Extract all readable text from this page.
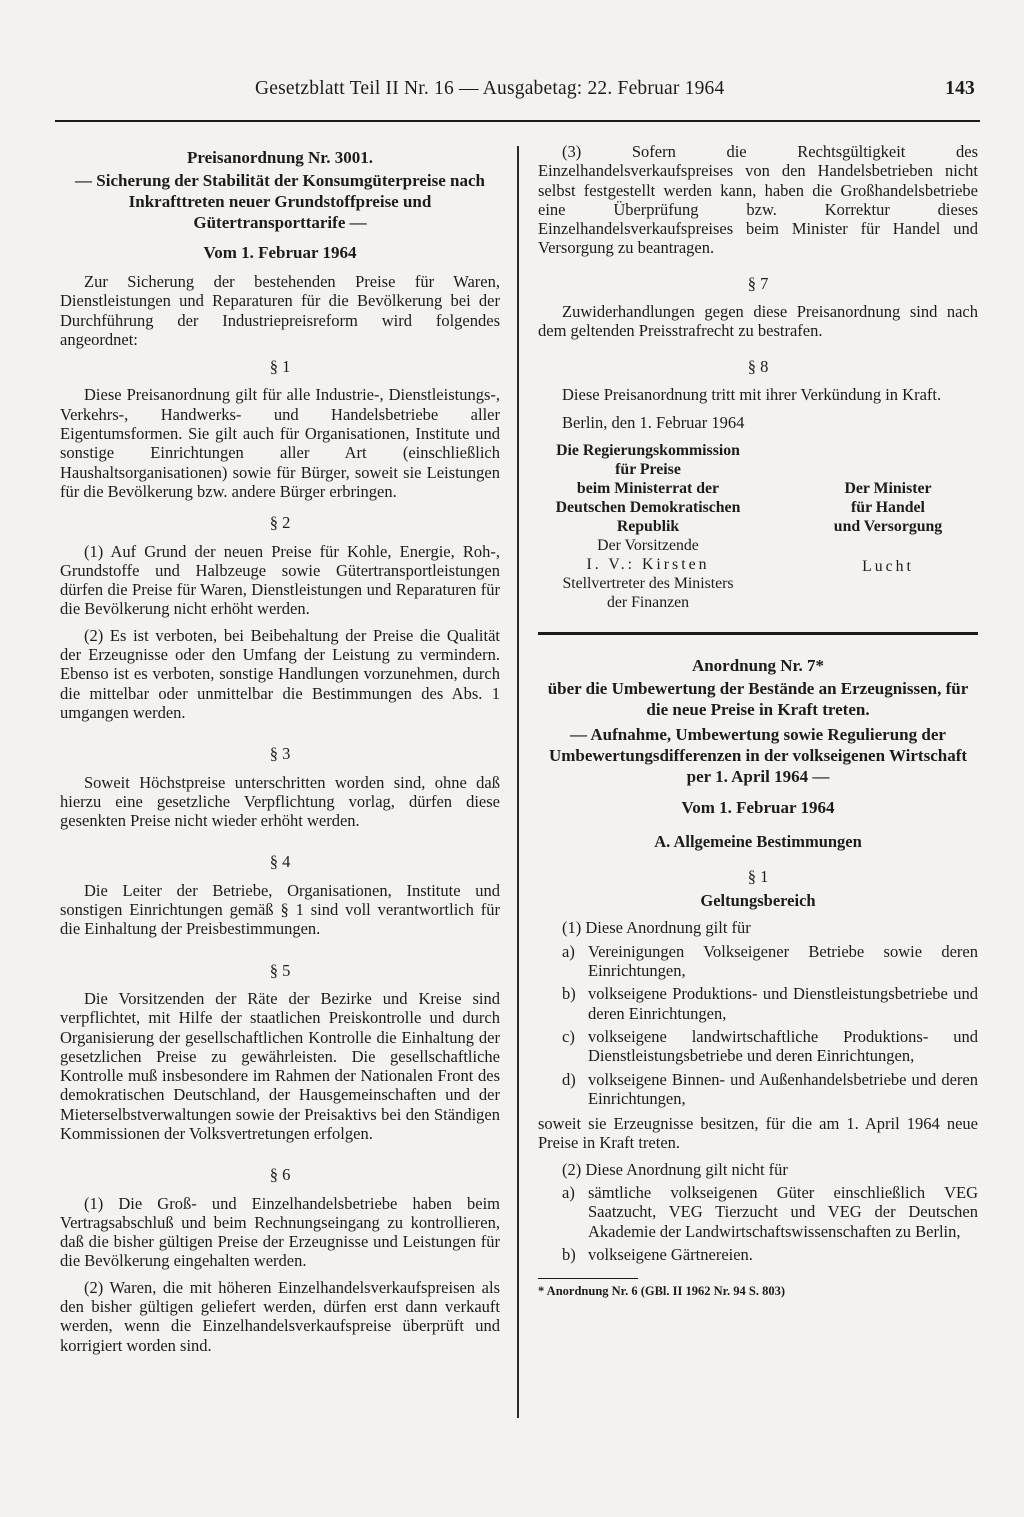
Gesetzblatt Teil II Nr. 16 — Ausgabetag: 22. Februar 1964	143

Preisanordnung Nr. 3001.

— Sicherung der Stabilität der Konsumgüterpreise nach Inkrafttreten neuer Grundstoffpreise und Gütertransporttarife —

Vom 1. Februar 1964

Zur Sicherung der bestehenden Preise für Waren, Dienstleistungen und Reparaturen für die Bevölkerung bei der Durchführung der Industriepreisreform wird folgendes angeordnet:

§ 1

Diese Preisanordnung gilt für alle Industrie-, Dienstleistungs-, Verkehrs-, Handwerks- und Handelsbetriebe aller Eigentumsformen. Sie gilt auch für Organisationen, Institute und sonstige Einrichtungen aller Art (einschließlich Haushaltsorganisationen) sowie für Bürger, soweit sie Leistungen für die Bevölkerung bzw. andere Bürger erbringen.

§ 2

(1) Auf Grund der neuen Preise für Kohle, Energie, Roh-, Grundstoffe und Halbzeuge sowie Gütertransportleistungen dürfen die Preise für Waren, Dienstleistungen und Reparaturen für die Bevölkerung nicht erhöht werden.

(2) Es ist verboten, bei Beibehaltung der Preise die Qualität der Erzeugnisse oder den Umfang der Leistung zu vermindern. Ebenso ist es verboten, sonstige Handlungen vorzunehmen, durch die mittelbar oder unmittelbar die Bestimmungen des Abs. 1 umgangen werden.

§ 3

Soweit Höchstpreise unterschritten worden sind, ohne daß hierzu eine gesetzliche Verpflichtung vorlag, dürfen diese gesenkten Preise nicht wieder erhöht werden.

§ 4

Die Leiter der Betriebe, Organisationen, Institute und sonstigen Einrichtungen gemäß § 1 sind voll verantwortlich für die Einhaltung der Preisbestimmungen.

§ 5

Die Vorsitzenden der Räte der Bezirke und Kreise sind verpflichtet, mit Hilfe der staatlichen Preiskontrolle und durch Organisierung der gesellschaftlichen Kontrolle die Einhaltung der gesetzlichen Preise zu gewährleisten. Die gesellschaftliche Kontrolle muß insbesondere im Rahmen der Nationalen Front des demokratischen Deutschland, der Hausgemeinschaften und der Mieterselbstverwaltungen sowie der Preisaktivs bei den Ständigen Kommissionen der Volksvertretungen erfolgen.

§ 6

(1) Die Groß- und Einzelhandelsbetriebe haben beim Vertragsabschluß und beim Rechnungseingang zu kontrollieren, daß die bisher gültigen Preise der Erzeugnisse und Leistungen für die Bevölkerung eingehalten werden.

(2) Waren, die mit höheren Einzelhandelsverkaufspreisen als den bisher gültigen geliefert werden, dürfen erst dann verkauft werden, wenn die Einzelhandelsverkaufspreise überprüft und korrigiert worden sind.

(3) Sofern die Rechtsgültigkeit des Einzelhandelsverkaufspreises von den Handelsbetrieben nicht selbst festgestellt werden kann, haben die Großhandelsbetriebe eine Überprüfung bzw. Korrektur dieses Einzelhandelsverkaufspreises beim Minister für Handel und Versorgung zu beantragen.

§ 7

Zuwiderhandlungen gegen diese Preisanordnung sind nach dem geltenden Preisstrafrecht zu bestrafen.

§ 8

Diese Preisanordnung tritt mit ihrer Verkündung in Kraft.

Berlin, den 1. Februar 1964

Die Regierungskommission
für Preise
beim Ministerrat der
Deutschen Demokratischen
Republik
Der Vorsitzende
I. V.: Kirsten
Stellvertreter des Ministers
der Finanzen
Der Minister
für Handel
und Versorgung
Lucht

Anordnung Nr. 7*

über die Umbewertung der Bestände an Erzeugnissen, für die neue Preise in Kraft treten.

— Aufnahme, Umbewertung sowie Regulierung der Umbewertungsdifferenzen in der volkseigenen Wirtschaft per 1. April 1964 —

Vom 1. Februar 1964

A. Allgemeine Bestimmungen

§ 1

Geltungsbereich

(1) Diese Anordnung gilt für

a) Vereinigungen Volkseigener Betriebe sowie deren Einrichtungen,
b) volkseigene Produktions- und Dienstleistungsbetriebe und deren Einrichtungen,
c) volkseigene landwirtschaftliche Produktions- und Dienstleistungsbetriebe und deren Einrichtungen,
d) volkseigene Binnen- und Außenhandelsbetriebe und deren Einrichtungen,

soweit sie Erzeugnisse besitzen, für die am 1. April 1964 neue Preise in Kraft treten.

(2) Diese Anordnung gilt nicht für

a) sämtliche volkseigenen Güter einschließlich VEG Saatzucht, VEG Tierzucht und VEG der Deutschen Akademie der Landwirtschaftswissenschaften zu Berlin,
b) volkseigene Gärtnereien.

* Anordnung Nr. 6 (GBl. II 1962 Nr. 94 S. 803)
